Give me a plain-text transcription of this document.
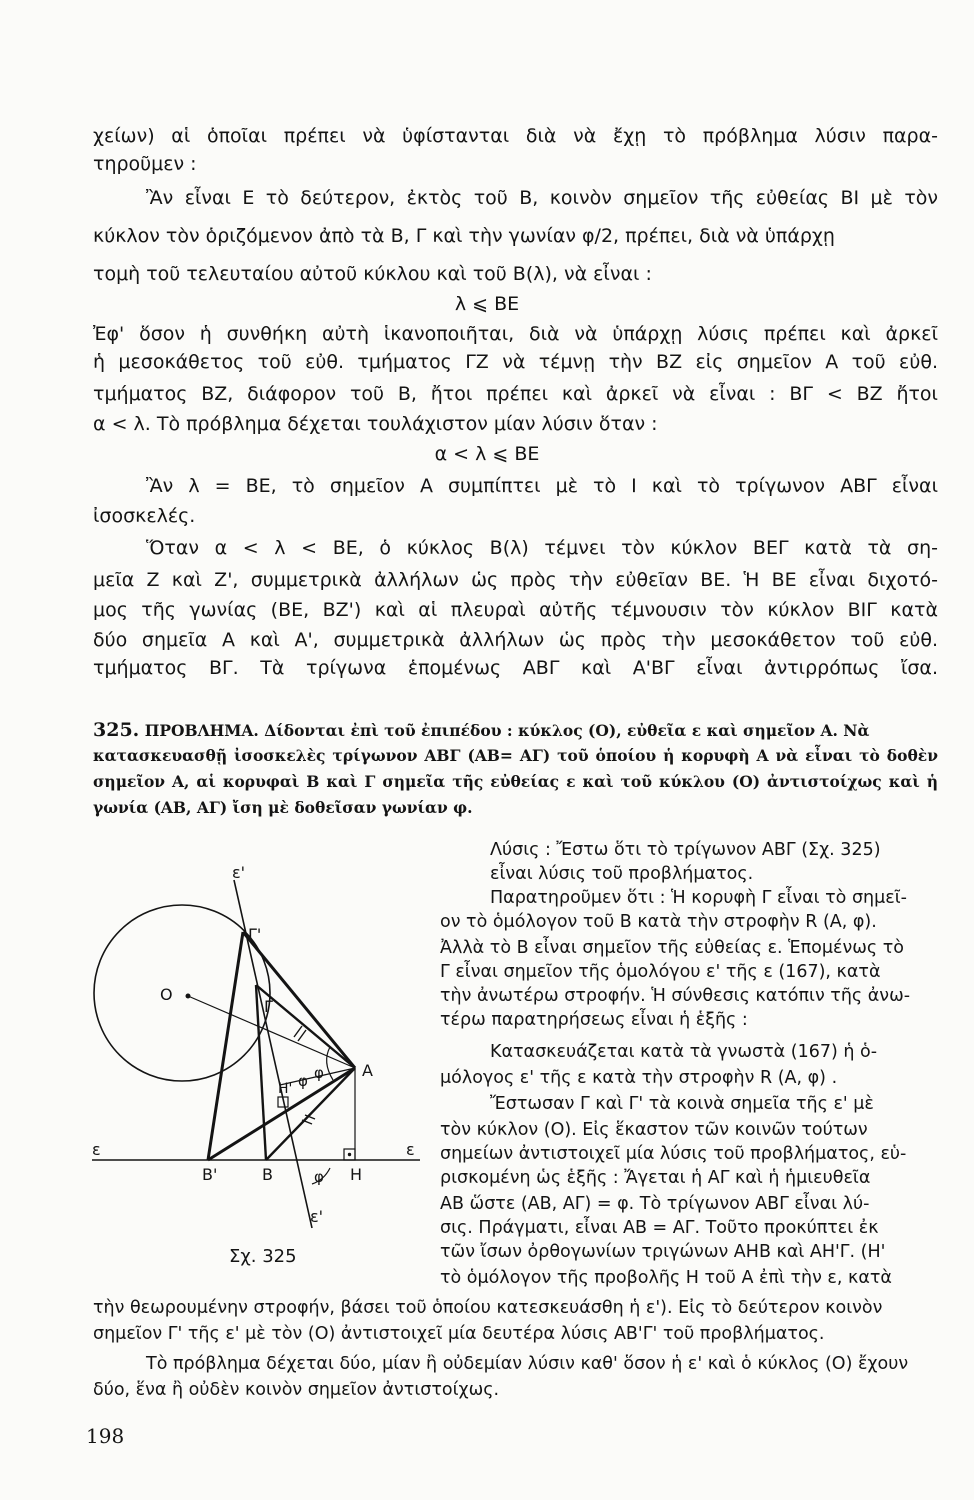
χείων) αἱ ὁποῖαι πρέπει νὰ ὑφίστανται διὰ νὰ ἔχῃ τὸ πρόβλημα λύσιν παρα-
τηροῦμεν :
Ἂν εἶναι Ε τὸ δεύτερον, ἐκτὸς τοῦ Β, κοινὸν σημεῖον τῆς εὐθείας ΒΙ μὲ τὸν
κύκλον τὸν ὁριζόμενον ἀπὸ τὰ Β, Γ καὶ τὴν γωνίαν φ/2, πρέπει, διὰ νὰ ὑπάρχῃ
τομὴ τοῦ τελευταίου αὐτοῦ κύκλου καὶ τοῦ Β(λ), νὰ εἶναι :
λ ⩽ ΒΕ
Ἐφ' ὅσον ἡ συνθήκη αὐτὴ ἱκανοποιῆται, διὰ νὰ ὑπάρχῃ λύσις πρέπει καὶ ἀρκεῖ
ἡ μεσοκάθετος τοῦ εὐθ. τμήματος ΓΖ νὰ τέμνῃ τὴν ΒΖ εἰς σημεῖον Α τοῦ εὐθ.
τμήματος ΒΖ, διάφορον τοῦ Β, ἤτοι πρέπει καὶ ἀρκεῖ νὰ εἶναι : ΒΓ < ΒΖ ἤτοι
α < λ. Τὸ πρόβλημα δέχεται τουλάχιστον μίαν λύσιν ὅταν :
α < λ ⩽ ΒΕ
Ἂν λ = ΒΕ, τὸ σημεῖον Α συμπίπτει μὲ τὸ Ι καὶ τὸ τρίγωνον ΑΒΓ εἶναι
ἰσοσκελές.
Ὅταν α < λ < ΒΕ, ὁ κύκλος Β(λ) τέμνει τὸν κύκλον ΒΕΓ κατὰ τὰ ση-
μεῖα Ζ καὶ Ζ', συμμετρικὰ ἀλλήλων ὡς πρὸς τὴν εὐθεῖαν ΒΕ. Ἡ ΒΕ εἶναι διχοτό-
μος τῆς γωνίας (ΒΕ, ΒΖ') καὶ αἱ πλευραὶ αὐτῆς τέμνουσιν τὸν κύκλον ΒΙΓ κατὰ
δύο σημεῖα Α καὶ Α', συμμετρικὰ ἀλλήλων ὡς πρὸς τὴν μεσοκάθετον τοῦ εὐθ.
τμήματος ΒΓ. Τὰ τρίγωνα ἑπομένως ΑΒΓ καὶ Α'ΒΓ εἶναι ἀντιρρόπως ἴσα.
325. ΠΡΟΒΛΗΜΑ. Δίδονται ἐπὶ τοῦ ἐπιπέδου : κύκλος (Ο), εὐθεῖα ε καὶ σημεῖον Α. Νὰ
κατασκευασθῇ ἰσοσκελὲς τρίγωνον ΑΒΓ (ΑΒ= ΑΓ) τοῦ ὁποίου ἡ κορυφὴ Α νὰ εἶναι τὸ δοθὲν
σημεῖον Α, αἱ κορυφαὶ Β καὶ Γ σημεῖα τῆς εὐθείας ε καὶ τοῦ κύκλου (Ο) ἀντιστοίχως καὶ ἡ
γωνία (ΑΒ, ΑΓ) ἴση μὲ δοθεῖσαν γωνίαν φ.
Λύσις : Ἔστω ὅτι τὸ τρίγωνον ΑΒΓ (Σχ. 325)
εἶναι λύσις τοῦ προβλήματος.
Παρατηροῦμεν ὅτι : Ἡ κορυφὴ Γ εἶναι τὸ σημεῖ-
ον τὸ ὁμόλογον τοῦ Β κατὰ τὴν στροφὴν R (Α, φ).
Ἀλλὰ τὸ Β εἶναι σημεῖον τῆς εὐθείας ε. Ἑπομένως τὸ
Γ εἶναι σημεῖον τῆς ὁμολόγου ε' τῆς ε (167), κατὰ
τὴν ἀνωτέρω στροφήν. Ἡ σύνθεσις κατόπιν τῆς ἀνω-
τέρω παρατηρήσεως εἶναι ἡ ἑξῆς :
Κατασκευάζεται κατὰ τὰ γνωστὰ (167) ἡ ὁ-
μόλογος ε' τῆς ε κατὰ τὴν στροφὴν R (Α, φ) .
Ἔστωσαν Γ καὶ Γ' τὰ κοινὰ σημεῖα τῆς ε' μὲ
τὸν κύκλον (Ο). Εἰς ἕκαστον τῶν κοινῶν τούτων
σημείων ἀντιστοιχεῖ μία λύσις τοῦ προβλήματος, εὑ-
ρισκομένη ὡς ἑξῆς : Ἄγεται ἡ ΑΓ καὶ ἡ ἡμιευθεῖα
ΑΒ ὥστε (ΑΒ, ΑΓ) = φ. Τὸ τρίγωνον ΑΒΓ εἶναι λύ-
σις. Πράγματι, εἶναι ΑΒ = ΑΓ. Τοῦτο προκύπτει ἐκ
τῶν ἴσων ὀρθογωνίων τριγώνων ΑΗΒ καὶ ΑΗ'Γ. (Η'
τὸ ὁμόλογον τῆς προβολῆς Η τοῦ Α ἐπὶ τὴν ε, κατὰ
τὴν θεωρουμένην στροφήν, βάσει τοῦ ὁποίου κατεσκευάσθη ἡ ε'). Εἰς τὸ δεύτερον κοινὸν
σημεῖον Γ' τῆς ε' μὲ τὸν (Ο) ἀντιστοιχεῖ μία δευτέρα λύσις ΑΒ'Γ' τοῦ προβλήματος.
Τὸ πρόβλημα δέχεται δύο, μίαν ἢ οὐδεμίαν λύσιν καθ' ὅσον ἡ ε' καὶ ὁ κύκλος (Ο) ἔχουν
δύο, ἕνα ἢ οὐδὲν κοινὸν σημεῖον ἀντιστοίχως.
ε	ε
ε'
ε'
O
Γ'
Γ
H' φ φ
φ
A
B'	B	H
Σχ. 325
198
